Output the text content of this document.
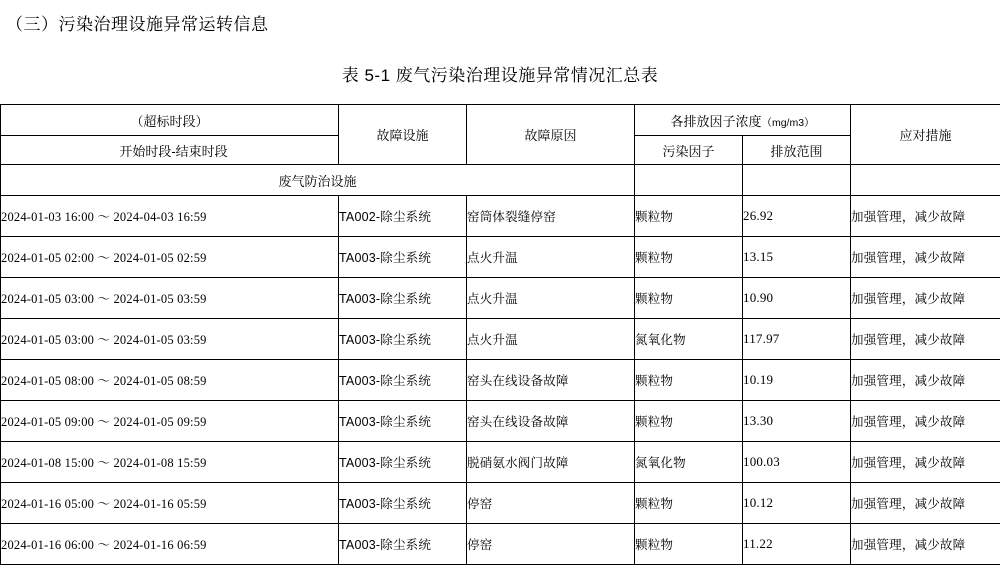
（三）污染治理设施异常运转信息
表 5-1 废气污染治理设施异常情况汇总表
（超标时段）	故障设施	故障原因	各排放因子浓度（mg/m3）		应对措施
开始时段-结束时段			污染因子	排放范围	
废气防治设施					
2024-01-03 16:00 ～ 2024-04-03 16:59	TA002-除尘系统	窑筒体裂缝停窑	颗粒物	26.92	加强管理，减少故障
2024-01-05 02:00 ～ 2024-01-05 02:59	TA003-除尘系统	点火升温	颗粒物	13.15	加强管理，减少故障
2024-01-05 03:00 ～ 2024-01-05 03:59	TA003-除尘系统	点火升温	颗粒物	10.90	加强管理，减少故障
2024-01-05 03:00 ～ 2024-01-05 03:59	TA003-除尘系统	点火升温	氮氧化物	117.97	加强管理，减少故障
2024-01-05 08:00 ～ 2024-01-05 08:59	TA003-除尘系统	窑头在线设备故障	颗粒物	10.19	加强管理，减少故障
2024-01-05 09:00 ～ 2024-01-05 09:59	TA003-除尘系统	窑头在线设备故障	颗粒物	13.30	加强管理，减少故障
2024-01-08 15:00 ～ 2024-01-08 15:59	TA003-除尘系统	脱硝氨水阀门故障	氮氧化物	100.03	加强管理，减少故障
2024-01-16 05:00 ～ 2024-01-16 05:59	TA003-除尘系统	停窑	颗粒物	10.12	加强管理，减少故障
2024-01-16 06:00 ～ 2024-01-16 06:59	TA003-除尘系统	停窑	颗粒物	11.22	加强管理，减少故障
